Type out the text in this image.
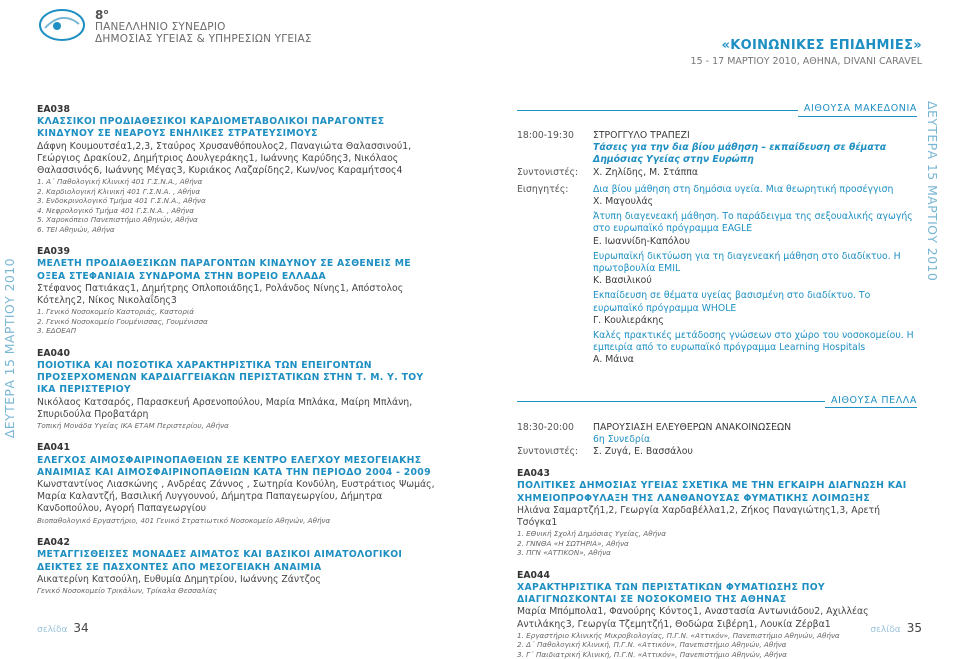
$8^o$
ΠΑΝΕΛΛΗΝΙΟ ΣΥΝΕΔΡΙΟ
ΔΗΜΟΣΙΑΣ ΥΓΕΙΑΣ & ΥΠΗΡΕΣΙΩΝ ΥΓΕΙΑΣ	«ΚΟΙΝΩΝΙΚΕΣ ΕΠΙΔΗΜΙΕΣ»
15 - 17 ΜΑΡΤΙΟΥ 2010, ΑΘΗΝΑ, DIVANI CARAVEL
ΔΕΥΤΕΡΑ 15 ΜΑΡΤΙΟΥ 2010
ΔΕΥΤΕΡΑ 15 ΜΑΡΤΙΟΥ 2010
ΕΑ038
ΚΛΑΣΣΙΚΟΙ ΠΡΟΔΙΑΘΕΣΙΚΟΙ ΚΑΡΔΙΟΜΕΤΑΒΟΛΙΚΟΙ ΠΑΡΑΓΟΝΤΕΣ ΚΙΝΔΥΝΟΥ ΣΕ ΝΕΑΡΟΥΣ ΕΝΗΛΙΚΕΣ ΣΤΡΑΤΕΥΣΙΜΟΥΣ
Δάφνη Κουμουτσέα1,2,3, Σταύρος Χρυσανθόπουλος2, Παναγιώτα Θαλασσινού1, Γεώργιος Δρακίου2, Δημήτριος Δουλγεράκης1, Ιωάννης Καρύδης3, Νικόλαος Θαλασσινός6, Ιωάννης Μέγας3, Κυριάκος Λαζαρίδης2, Κων/νος Καραμήτσος4
1. Α΄ Παθολογική Κλινική 401 Γ.Σ.Ν.Α., Αθήνα
2. Καρδιολογική Κλινική 401 Γ.Σ.Ν.Α. , Αθήνα
3. Ενδοκρινολογικό Τμήμα 401 Γ.Σ.Ν.Α., Αθήνα
4. Νεφρολογικό Τμήμα 401 Γ.Σ.Ν.Α. , Αθήνα
5. Χαροκόπειο Πανεπιστήμιο Αθηνών, Αθήνα
6. ΤΕΙ Αθηνών, Αθήνα
ΕΑ039
ΜΕΛΕΤΗ ΠΡΟΔΙΑΘΕΣΙΚΩΝ ΠΑΡΑΓΟΝΤΩΝ ΚΙΝΔΥΝΟΥ ΣΕ ΑΣΘΕΝΕΙΣ ΜΕ ΟΞΕΑ ΣΤΕΦΑΝΙΑΙΑ ΣΥΝΔΡΟΜΑ ΣΤΗΝ ΒΟΡΕΙΟ ΕΛΛΑΔΑ
Στέφανος Πατιάκας1, Δημήτρης Οπλοποιάδης1, Ρολάνδος Νίνης1, Απόστολος Κότελης2, Νίκος Νικολαΐδης3
1. Γενικό Νοσοκομείο Καστοριάς, Καστοριά
2. Γενικό Νοσοκομείο Γουμένισσας, Γουμένισσα
3. ΕΔΟΕΑΠ
ΕΑ040
ΠΟΙΟΤΙΚΑ ΚΑΙ ΠΟΣΟΤΙΚΑ ΧΑΡΑΚΤΗΡΙΣΤΙΚΑ ΤΩΝ ΕΠΕΙΓΟΝΤΩΝ ΠΡΟΣΕΡΧΟΜΕΝΩΝ ΚΑΡΔΙΑΓΓΕΙΑΚΩΝ ΠΕΡΙΣΤΑΤΙΚΩΝ ΣΤΗΝ Τ. Μ. Υ. ΤΟΥ ΙΚΑ ΠΕΡΙΣΤΕΡΙΟΥ
Νικόλαος Κατσαρός, Παρασκευή Αρσενοπούλου, Μαρία Μπλάκα, Μαίρη Μπλάνη, Σπυριδούλα Προβατάρη
Τοπική Μονάδα Υγείας ΙΚΑ ΕΤΑΜ Περιστερίου, Αθήνα
ΕΑ041
ΕΛΕΓΧΟΣ ΑΙΜΟΣΦΑΙΡΙΝΟΠΑΘΕΙΩΝ ΣΕ ΚΕΝΤΡΟ ΕΛΕΓΧΟΥ ΜΕΣΟΓΕΙΑΚΗΣ ΑΝΑΙΜΙΑΣ ΚΑΙ ΑΙΜΟΣΦΑΙΡΙΝΟΠΑΘΕΙΩΝ ΚΑΤΑ ΤΗΝ ΠΕΡΙΟΔΟ 2004 - 2009
Κωνσταντίνος Λιασκώνης , Ανδρέας Ζάννος , Σωτηρία Κονδύλη, Ευστράτιος Ψωμάς, Μαρία Καλαντζή, Βασιλική Λυγγουνού, Δήμητρα Παπαγεωργίου, Δήμητρα Κανδοπούλου, Αγορή Παπαγεωργίου
Βιοπαθολογικό Εργαστήριο, 401 Γενικό Στρατιωτικό Νοσοκομείο Αθηνών, Αθήνα
ΕΑ042
ΜΕΤΑΓΓΙΣΘΕΙΣΕΣ ΜΟΝΑΔΕΣ ΑΙΜΑΤΟΣ ΚΑΙ ΒΑΣΙΚΟΙ ΑΙΜΑΤΟΛΟΓΙΚΟΙ ΔΕΙΚΤΕΣ ΣΕ ΠΑΣΧΟΝΤΕΣ ΑΠΟ ΜΕΣΟΓΕΙΑΚΗ ΑΝΑΙΜΙΑ
Αικατερίνη Κατσούλη, Ευθυμία Δημητρίου, Ιωάννης Ζάντζος
Γενικό Νοσοκομείο Τρικάλων, Τρίκαλα Θεσσαλίας
ΑΙΘΟΥΣΑ ΜΑΚΕΔΟΝΙΑ
18:00-19:30	ΣΤΡΟΓΓΥΛΟ ΤΡΑΠΕΖΙ
Τάσεις για την δια βίου μάθηση – εκπαίδευση σε θέματα Δημόσιας Υγείας στην Ευρώπη
Συντονιστές:	Χ. Ζηλίδης, Μ. Στάππα
Εισηγητές:	Δια βίου μάθηση στη δημόσια υγεία. Μια θεωρητική προσέγγιση
Χ. Μαγουλάς
Άτυπη διαγενεακή μάθηση. Το παράδειγμα της σεξουαλικής αγωγής στο ευρωπαϊκό πρόγραμμα EAGLE
Ε. Ιωαννίδη-Καπόλου
Ευρωπαϊκή δικτύωση για τη διαγενεακή μάθηση στο διαδίκτυο. Η πρωτοβουλία EMIL
Κ. Βασιλικού
Εκπαίδευση σε θέματα υγείας βασισμένη στο διαδίκτυο. Το ευρωπαϊκό πρόγραμμα WHOLE
Γ. Κουλιεράκης
Καλές πρακτικές μετάδοσης γνώσεων στο χώρο του νοσοκομείου. Η εμπειρία από το ευρωπαϊκό πρόγραμμα Learning Hospitals
Α. Μάινα
ΑΙΘΟΥΣΑ ΠΕΛΛΑ
18:30-20:00	ΠΑΡΟΥΣΙΑΣΗ ΕΛΕΥΘΕΡΩΝ ΑΝΑΚΟΙΝΩΣΕΩΝ
6η Συνεδρία
Συντονιστές:	Σ. Ζυγά, Ε. Βασσάλου
ΕΑ043
ΠΟΛΙΤΙΚΕΣ ΔΗΜΟΣΙΑΣ ΥΓΕΙΑΣ ΣΧΕΤΙΚΑ ΜΕ ΤΗΝ ΕΓΚΑΙΡΗ ΔΙΑΓΝΩΣΗ ΚΑΙ ΧΗΜΕΙΟΠΡΟΦΥΛΑΞΗ ΤΗΣ ΛΑΝΘΑΝΟΥΣΑΣ ΦΥΜΑΤΙΚΗΣ ΛΟΙΜΩΞΗΣ
Ηλιάνα Σαμαρτζή1,2, Γεωργία Χαρδαβέλλα1,2, Ζήκος Παναγιώτης1,3, Αρετή Τσόγκα1
1. ΕΘνική Σχολή Δημόσιας Υγείας, Αθήνα
2. ΓΝΝΘΑ «Η ΣΩΤΗΡΙΑ», Αθήνα
3. ΠΓΝ «ΑΤΤΙΚΟΝ», Αθήνα
ΕΑ044
ΧΑΡΑΚΤΗΡΙΣΤΙΚΑ ΤΩΝ ΠΕΡΙΣΤΑΤΙΚΩΝ ΦΥΜΑΤΙΩΣΗΣ ΠΟΥ ΔΙΑΓΙΓΝΩΣΚΟΝΤΑΙ ΣΕ ΝΟΣΟΚΟΜΕΙΟ ΤΗΣ ΑΘΗΝΑΣ
Μαρία Μπόμπολα1, Φανούρης Κόντος1, Αναστασία Αντωνιάδου2, Αχιλλέας Αντιλάκης3, Γεωργία Τζεμητζή1, Θοδώρα Σιβέρη1, Λουκία Ζέρβα1
1. Εργαστήριο Κλινικής Μικροβιολογίας, Π.Γ.Ν. «Αττικόν», Πανεπιστήμιο Αθηνών, Αθήνα
2. Δ΄ Παθολογική Κλινική, Π.Γ.Ν. «Αττικόν», Πανεπιστήμιο Αθηνών, Αθήνα
3. Γ΄ Παιδιατρική Κλινική, Π.Γ.Ν. «Αττικόν», Πανεπιστήμιο Αθηνών, Αθήνα
σελίδα 34	σελίδα 35
